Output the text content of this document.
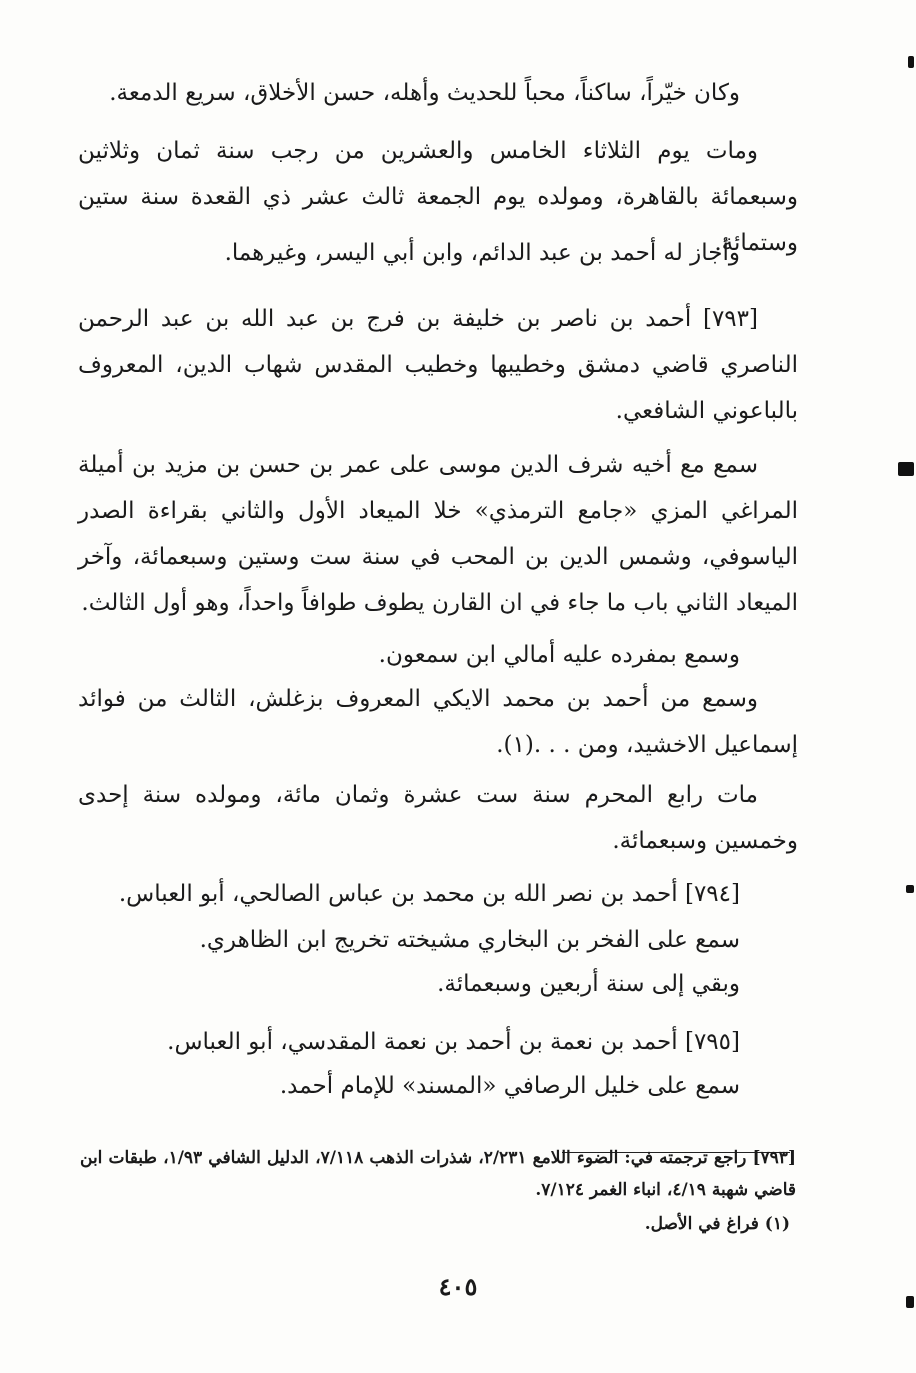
وكان خيّراً، ساكناً، محباً للحديث وأهله، حسن الأخلاق، سريع الدمعة.

ومات يوم الثلاثاء الخامس والعشرين من رجب سنة ثمان وثلاثين وسبعمائة بالقاهرة، ومولده يوم الجمعة ثالث عشر ذي القعدة سنة ستين وستمائة.

وأجاز له أحمد بن عبد الدائم، وابن أبي اليسر، وغيرهما.

[٧٩٣] أحمد بن ناصر بن خليفة بن فرج بن عبد الله بن عبد الرحمن الناصري قاضي دمشق وخطيبها وخطيب المقدس شهاب الدين، المعروف بالباعوني الشافعي.

سمع مع أخيه شرف الدين موسى على عمر بن حسن بن مزيد بن أميلة المراغي المزي «جامع الترمذي» خلا الميعاد الأول والثاني بقراءة الصدر الياسوفي، وشمس الدين بن المحب في سنة ست وستين وسبعمائة، وآخر الميعاد الثاني باب ما جاء في ان القارن يطوف طوافاً واحداً، وهو أول الثالث.

وسمع بمفرده عليه أمالي ابن سمعون.

وسمع من أحمد بن محمد الايكي المعروف بزغلش، الثالث من فوائد إسماعيل الاخشيد، ومن . . .(١).

مات رابع المحرم سنة ست عشرة وثمان مائة، ومولده سنة إحدى وخمسين وسبعمائة.

[٧٩٤] أحمد بن نصر الله بن محمد بن عباس الصالحي، أبو العباس.
سمع على الفخر بن البخاري مشيخته تخريج ابن الظاهري.
وبقي إلى سنة أربعين وسبعمائة.
[٧٩٥] أحمد بن نعمة بن أحمد بن نعمة المقدسي، أبو العباس.
سمع على خليل الرصافي «المسند» للإمام أحمد.

[٧٩٣] راجع ترجمته في: الضوء اللامع ٢/٢٣١، شذرات الذهب ٧/١١٨، الدليل الشافي ١/٩٣، طبقات ابن قاضي شهبة ٤/١٩، انباء الغمر ٧/١٢٤.

(١) فراغ في الأصل.

٤٠٥
